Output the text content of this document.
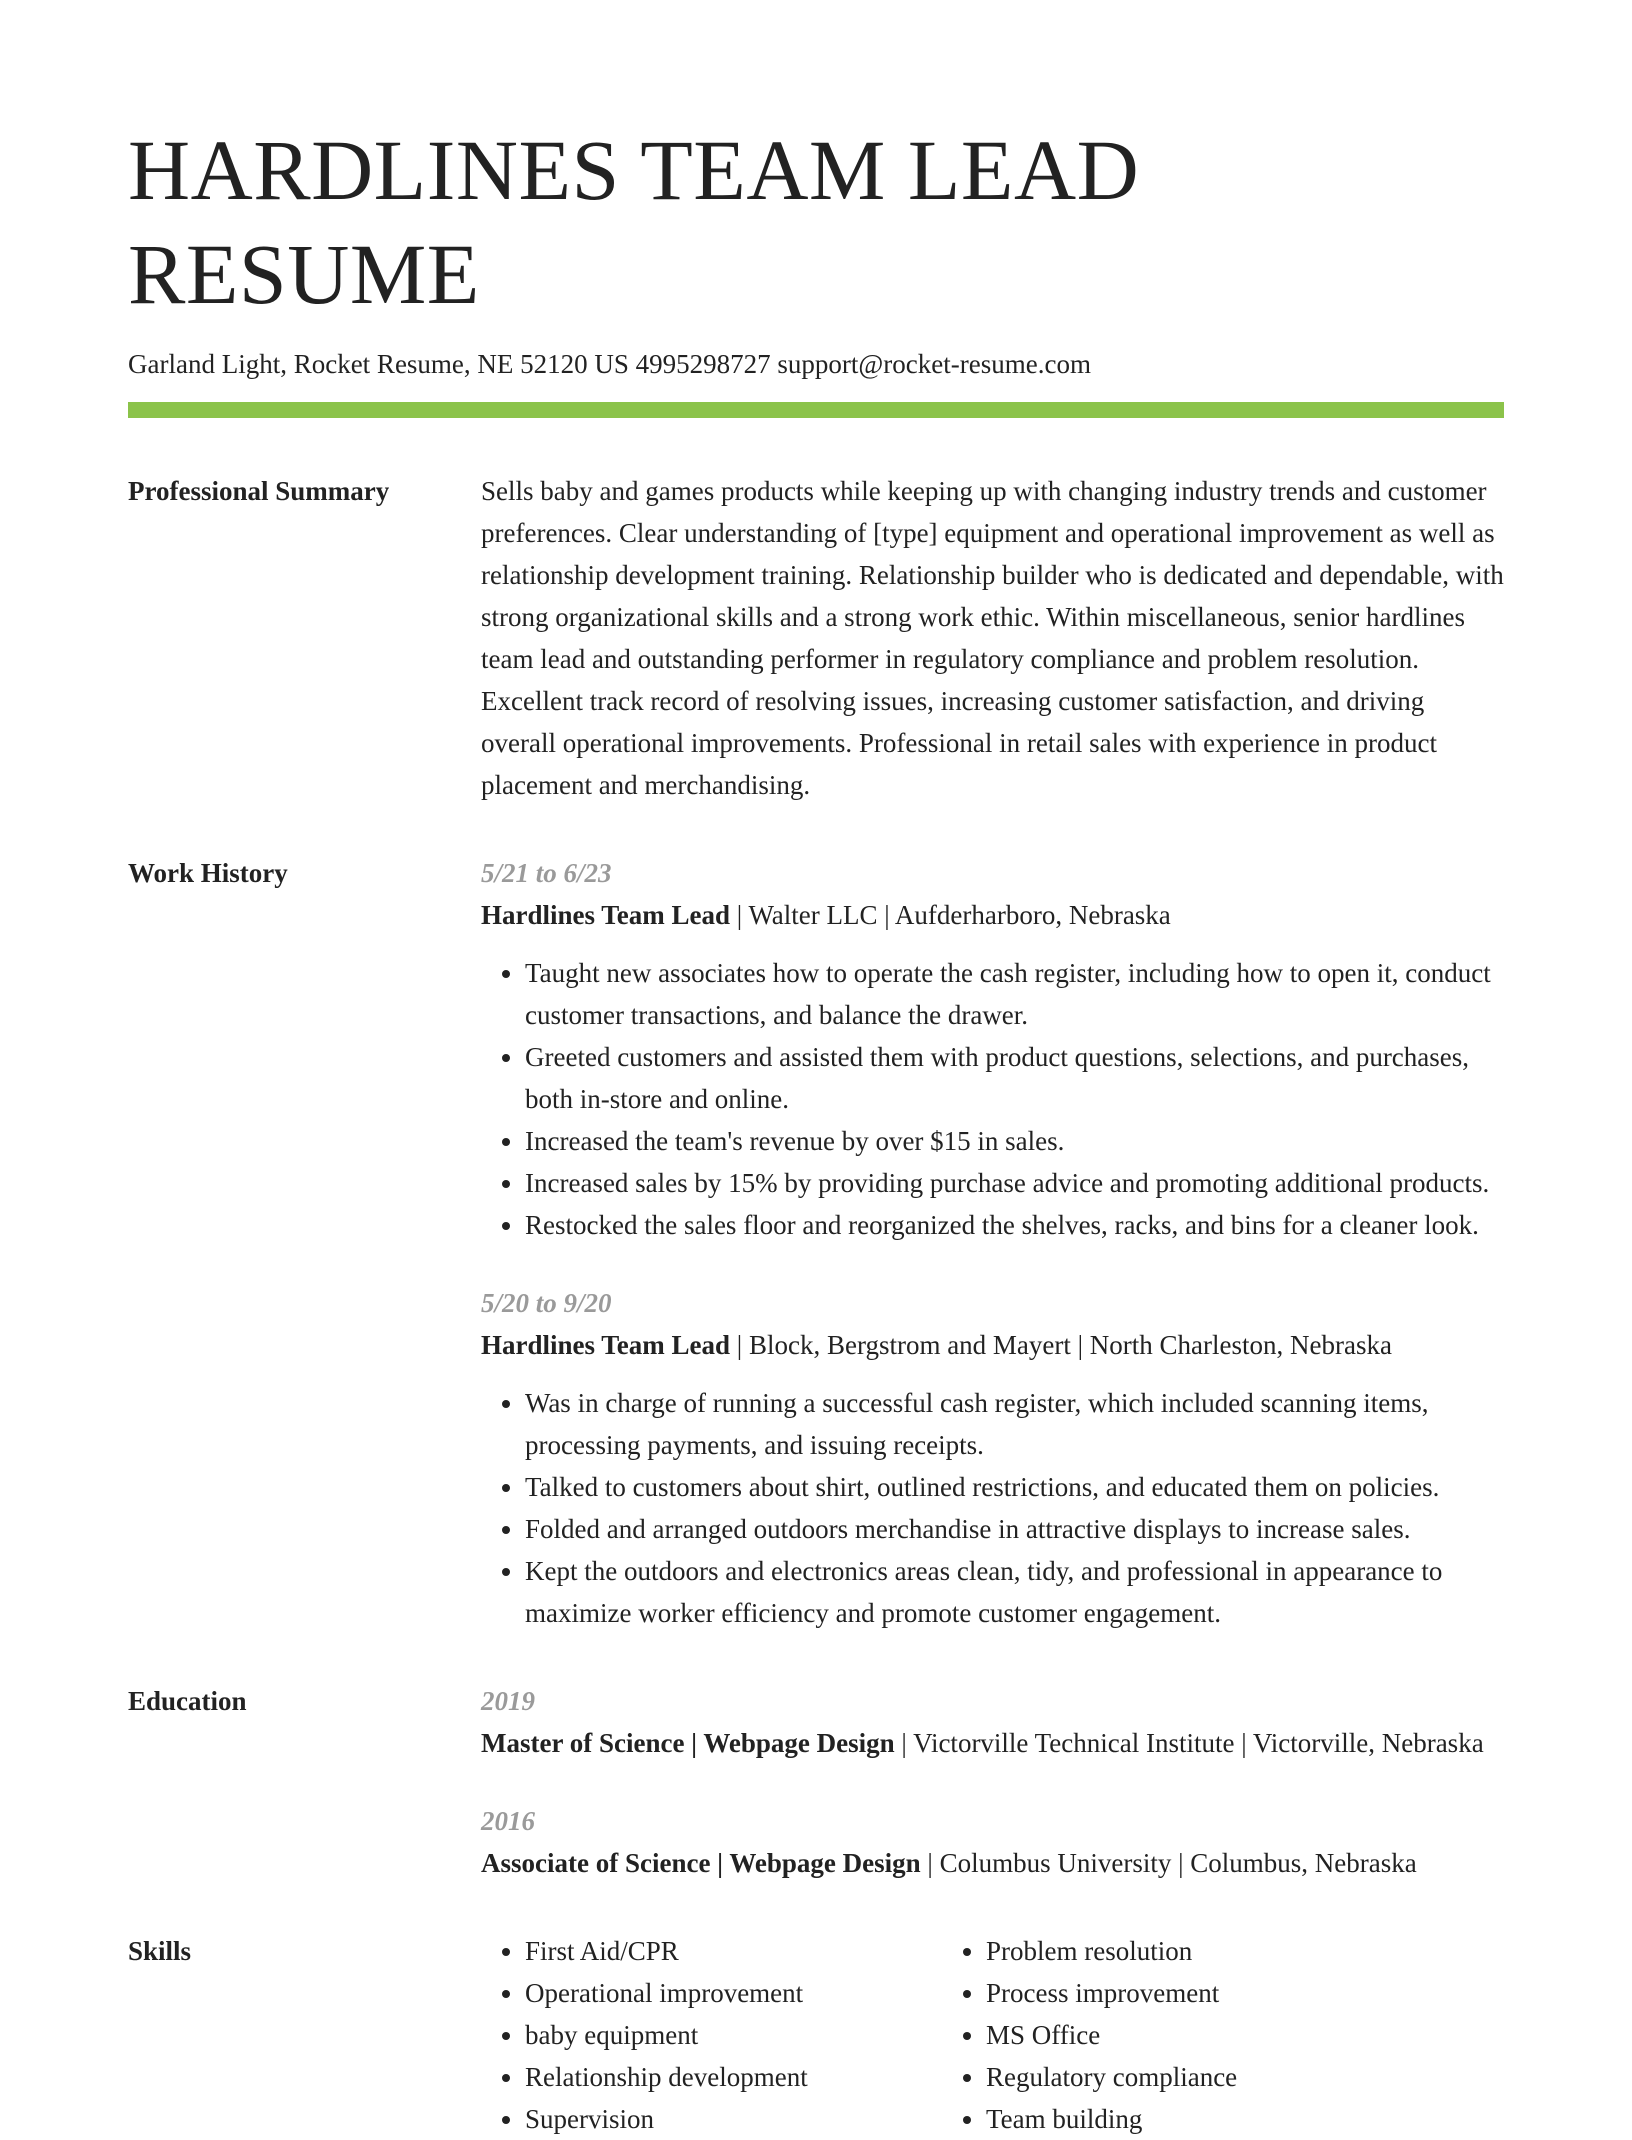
HARDLINES TEAM LEAD RESUME
Garland Light, Rocket Resume, NE 52120 US 4995298727 support@rocket-resume.com
Professional Summary	Sells baby and games products while keeping up with changing industry trends and customer preferences. Clear understanding of [type] equipment and operational improvement as well as relationship development training. Relationship builder who is dedicated and dependable, with strong organizational skills and a strong work ethic. Within miscellaneous, senior hardlines team lead and outstanding performer in regulatory compliance and problem resolution. Excellent track record of resolving issues, increasing customer satisfaction, and driving overall operational improvements. Professional in retail sales with experience in product placement and merchandising.

Work History	5/21 to 6/23
Hardlines Team Lead | Walter LLC | Aufderharboro, Nebraska
• Taught new associates how to operate the cash register, including how to open it, conduct customer transactions, and balance the drawer.
• Greeted customers and assisted them with product questions, selections, and purchases, both in-store and online.
• Increased the team's revenue by over $15 in sales.
• Increased sales by 15% by providing purchase advice and promoting additional products.
• Restocked the sales floor and reorganized the shelves, racks, and bins for a cleaner look.
5/20 to 9/20
Hardlines Team Lead | Block, Bergstrom and Mayert | North Charleston, Nebraska
• Was in charge of running a successful cash register, which included scanning items, processing payments, and issuing receipts.
• Talked to customers about shirt, outlined restrictions, and educated them on policies.
• Folded and arranged outdoors merchandise in attractive displays to increase sales.
• Kept the outdoors and electronics areas clean, tidy, and professional in appearance to maximize worker efficiency and promote customer engagement.
Education	2019
Master of Science | Webpage Design | Victorville Technical Institute | Victorville, Nebraska
2016
Associate of Science | Webpage Design | Columbus University | Columbus, Nebraska
Skills
•	First Aid/CPR
• Operational improvement
• baby equipment
• Relationship development
• Supervision
• Problem resolution
• Process improvement
• MS Office
• Regulatory compliance
• Team building
